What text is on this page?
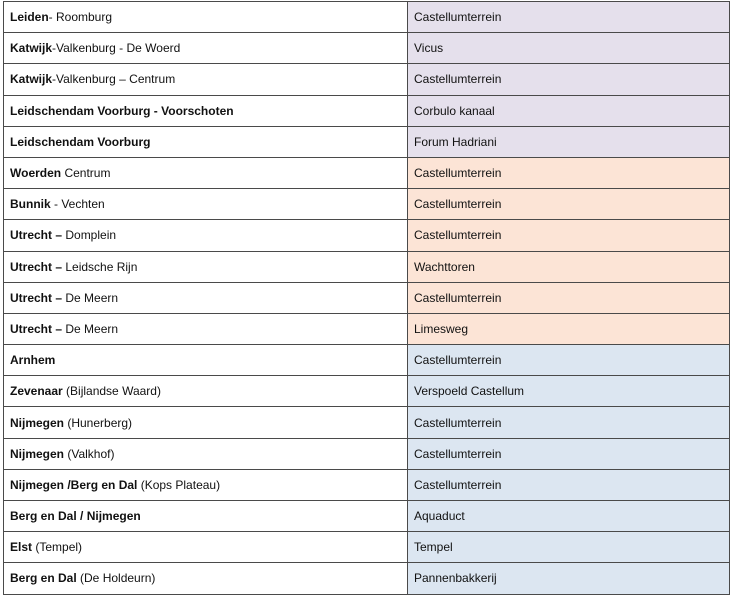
Leiden- Roomburg	Castellumterrein
Katwijk-Valkenburg - De Woerd	Vicus
Katwijk-Valkenburg – Centrum	Castellumterrein
Leidschendam Voorburg - Voorschoten	Corbulo kanaal
Leidschendam Voorburg	Forum Hadriani
Woerden Centrum	Castellumterrein
Bunnik - Vechten	Castellumterrein
Utrecht – Domplein	Castellumterrein
Utrecht – Leidsche Rijn	Wachttoren
Utrecht – De Meern	Castellumterrein
Utrecht – De Meern	Limesweg
Arnhem	Castellumterrein
Zevenaar (Bijlandse Waard)	Verspoeld Castellum
Nijmegen (Hunerberg)	Castellumterrein
Nijmegen (Valkhof)	Castellumterrein
Nijmegen /Berg en Dal (Kops Plateau)	Castellumterrein
Berg en Dal / Nijmegen	Aquaduct
Elst (Tempel)	Tempel
Berg en Dal (De Holdeurn)	Pannenbakkerij
